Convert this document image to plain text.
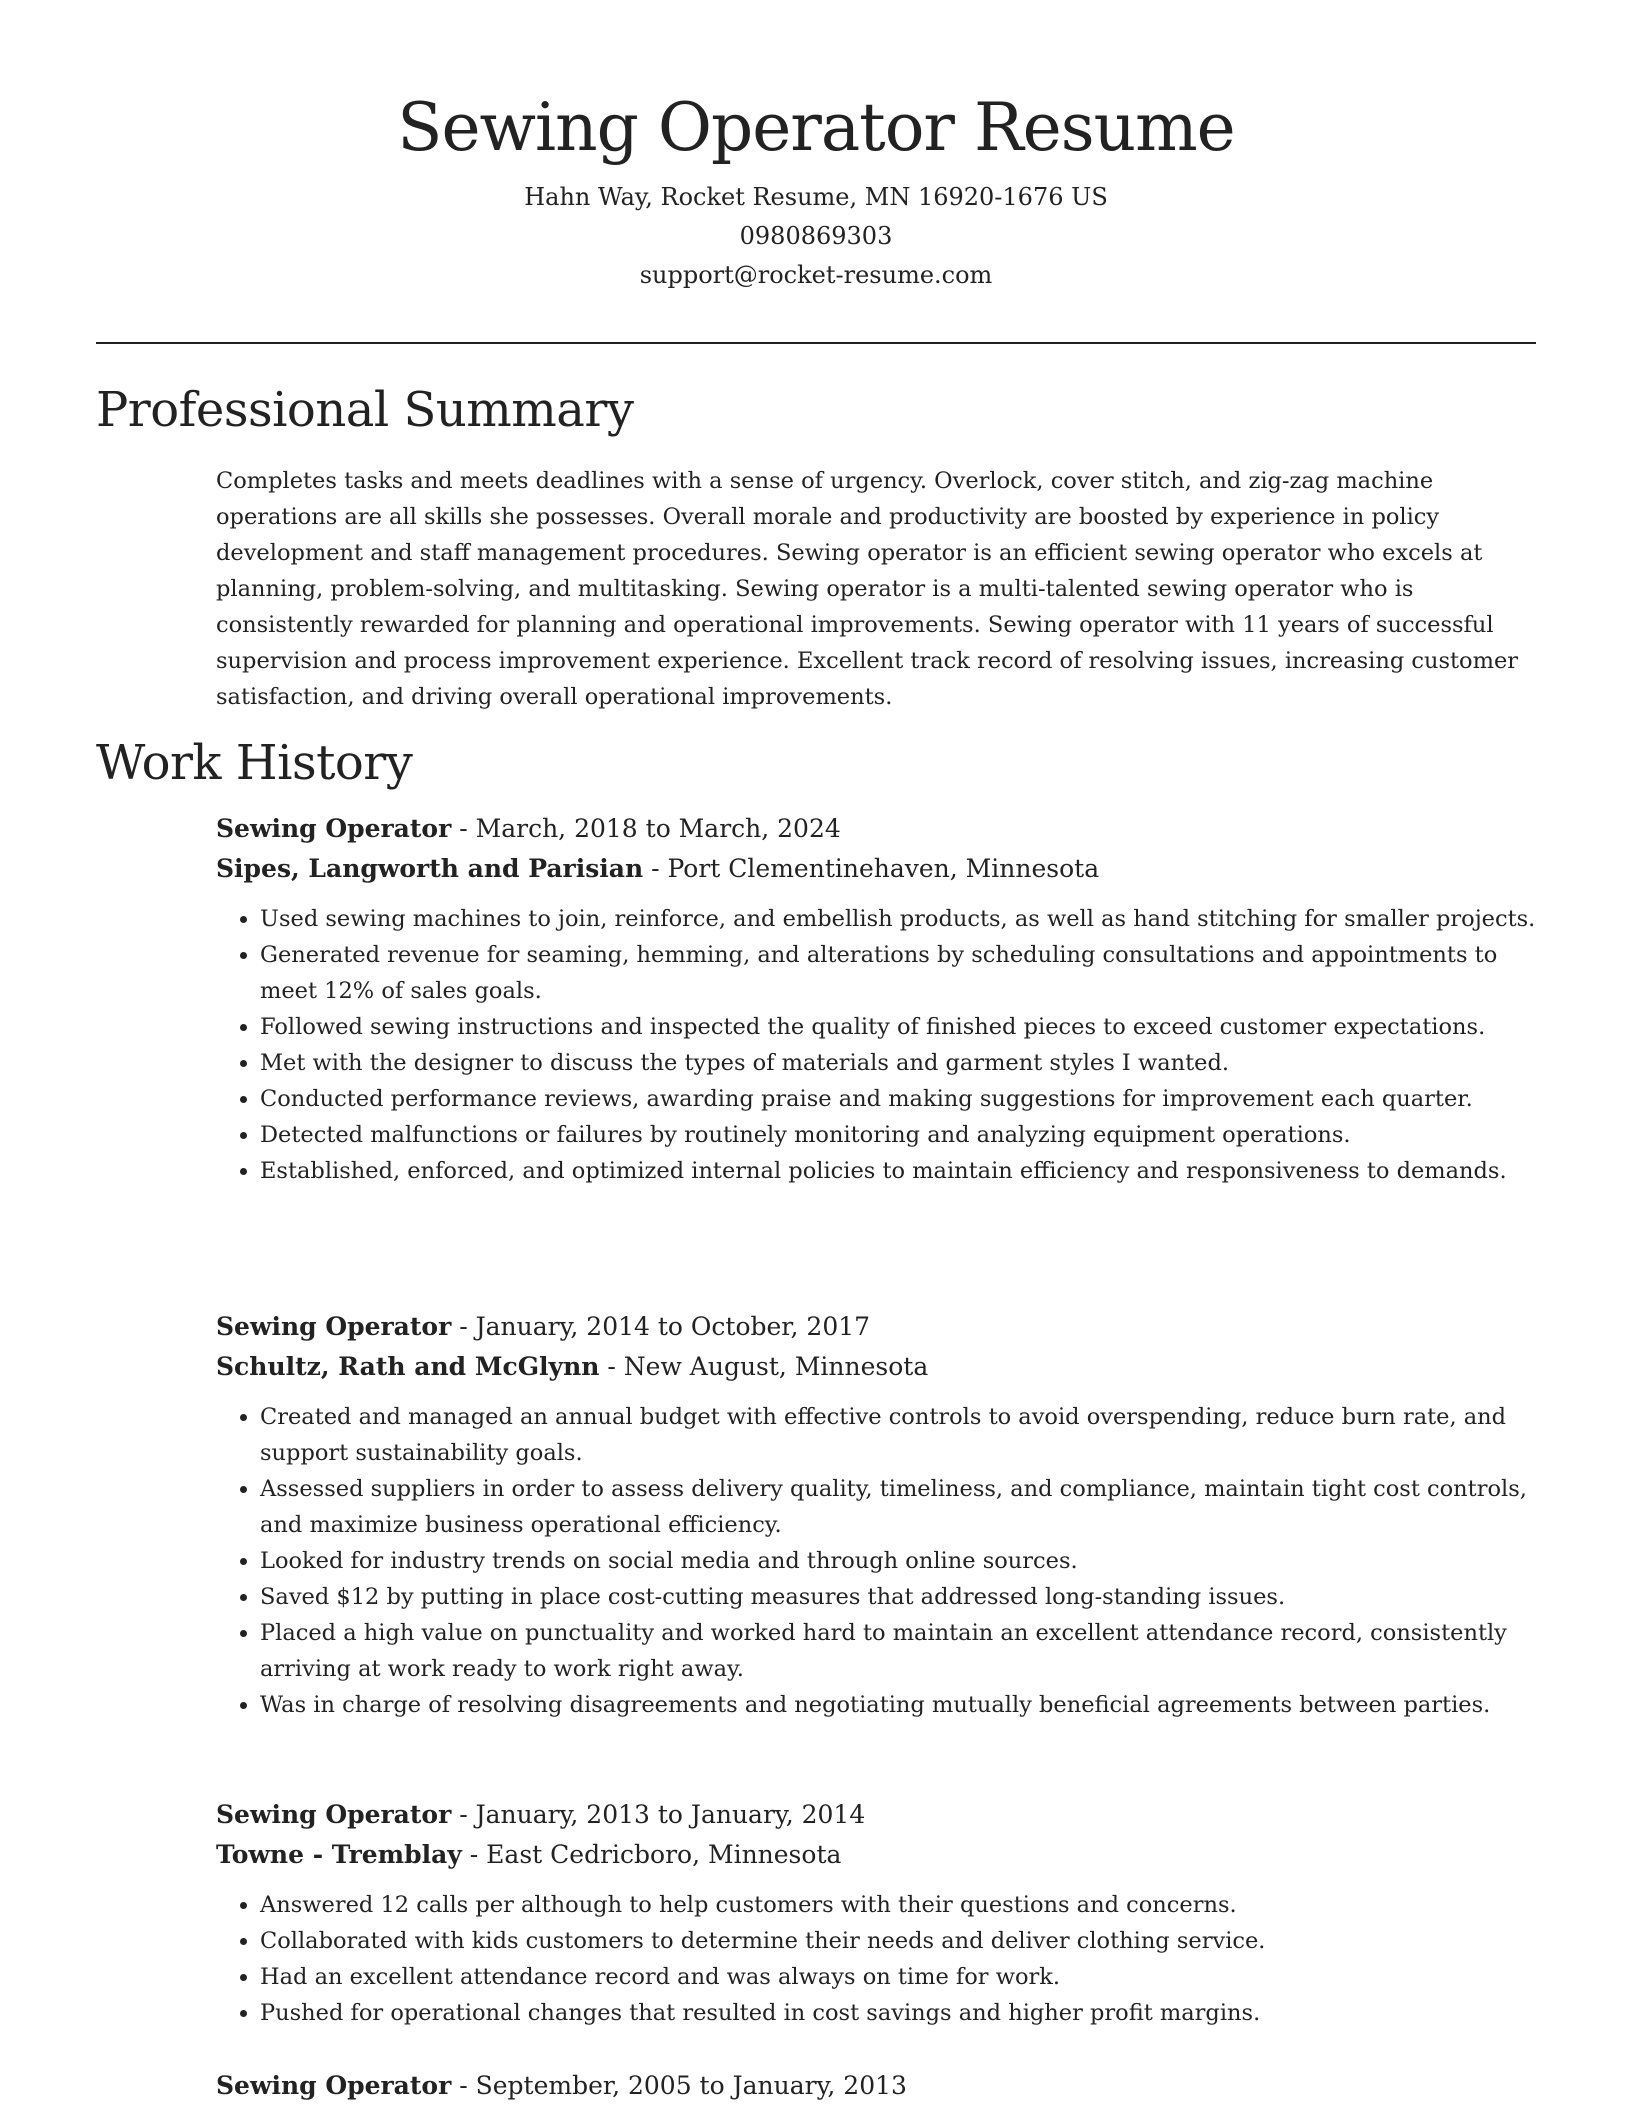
Sewing Operator Resume
Hahn Way, Rocket Resume, MN 16920-1676 US
0980869303
support@rocket-resume.com
Professional Summary
Completes tasks and meets deadlines with a sense of urgency. Overlock, cover stitch, and zig-zag machine operations are all skills she possesses. Overall morale and productivity are boosted by experience in policy development and staff management procedures. Sewing operator is an efficient sewing operator who excels at planning, problem-solving, and multitasking. Sewing operator is a multi-talented sewing operator who is consistently rewarded for planning and operational improvements. Sewing operator with 11 years of successful supervision and process improvement experience. Excellent track record of resolving issues, increasing customer satisfaction, and driving overall operational improvements.
Work History
Sewing Operator - March, 2018 to March, 2024
Sipes, Langworth and Parisian - Port Clementinehaven, Minnesota
• Used sewing machines to join, reinforce, and embellish products, as well as hand stitching for smaller projects.
• Generated revenue for seaming, hemming, and alterations by scheduling consultations and appointments to meet 12% of sales goals.
• Followed sewing instructions and inspected the quality of finished pieces to exceed customer expectations.
• Met with the designer to discuss the types of materials and garment styles I wanted.
• Conducted performance reviews, awarding praise and making suggestions for improvement each quarter.
• Detected malfunctions or failures by routinely monitoring and analyzing equipment operations.
• Established, enforced, and optimized internal policies to maintain efficiency and responsiveness to demands.
Sewing Operator - January, 2014 to October, 2017
Schultz, Rath and McGlynn - New August, Minnesota
• Created and managed an annual budget with effective controls to avoid overspending, reduce burn rate, and support sustainability goals.
• Assessed suppliers in order to assess delivery quality, timeliness, and compliance, maintain tight cost controls, and maximize business operational efficiency.
• Looked for industry trends on social media and through online sources.
• Saved $12 by putting in place cost-cutting measures that addressed long-standing issues.
• Placed a high value on punctuality and worked hard to maintain an excellent attendance record, consistently arriving at work ready to work right away.
• Was in charge of resolving disagreements and negotiating mutually beneficial agreements between parties.
Sewing Operator - January, 2013 to January, 2014
Towne - Tremblay - East Cedricboro, Minnesota
• Answered 12 calls per although to help customers with their questions and concerns.
• Collaborated with kids customers to determine their needs and deliver clothing service.
• Had an excellent attendance record and was always on time for work.
• Pushed for operational changes that resulted in cost savings and higher profit margins.
Sewing Operator - September, 2005 to January, 2013
